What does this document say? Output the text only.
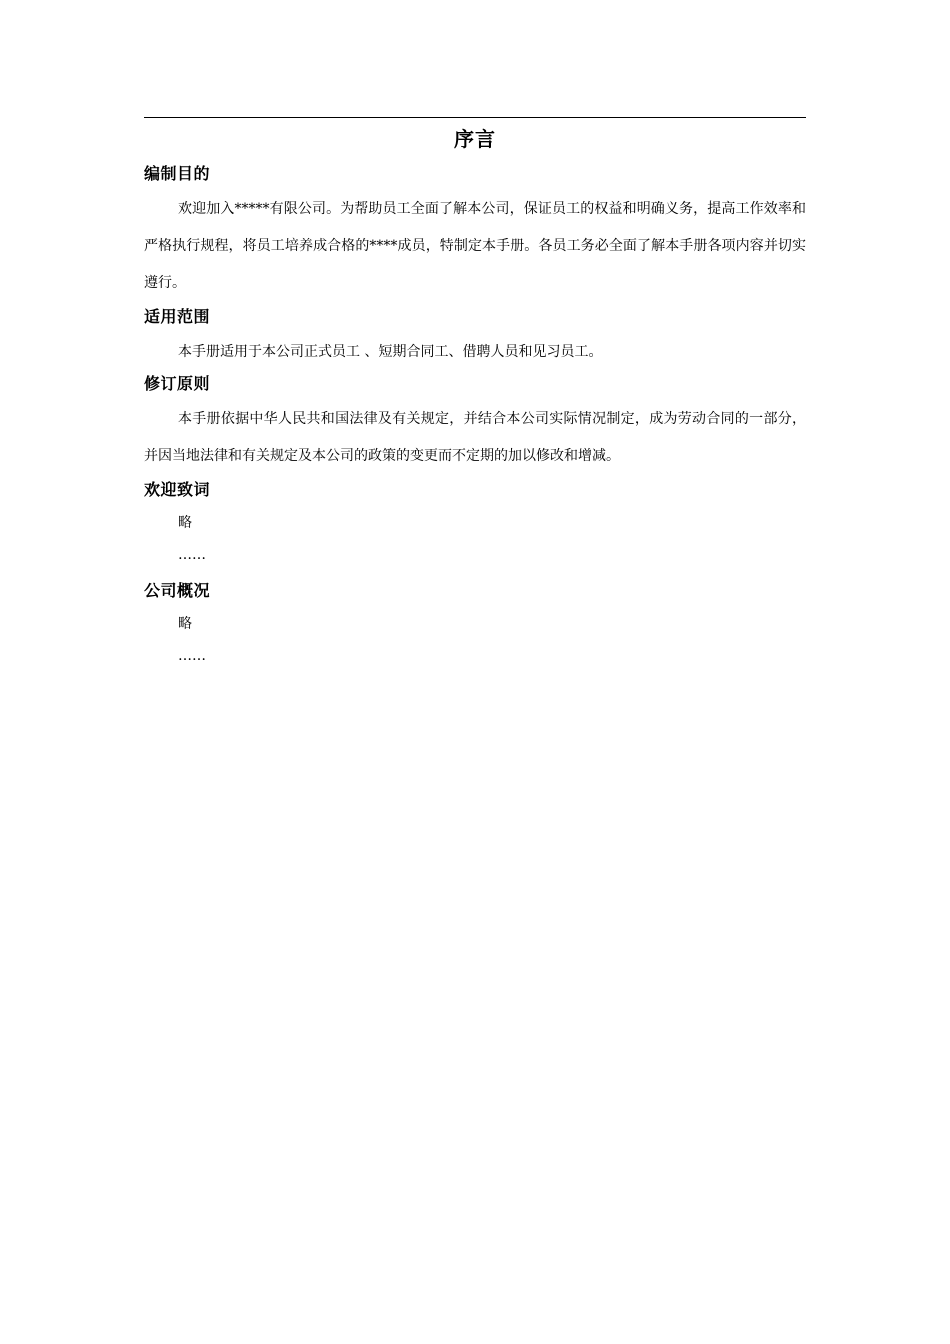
序言
编制目的
欢迎加入*****有限公司。为帮助员工全面了解本公司，保证员工的权益和明确义务，提高工作效率和严格执行规程，将员工培养成合格的****成员，特制定本手册。各员工务必全面了解本手册各项内容并切实遵行。
适用范围
本手册适用于本公司正式员工 、短期合同工、借聘人员和见习员工。
修订原则
本手册依据中华人民共和国法律及有关规定，并结合本公司实际情况制定，成为劳动合同的一部分，并因当地法律和有关规定及本公司的政策的变更而不定期的加以修改和增减。
欢迎致词
略
……
公司概况
略
……
